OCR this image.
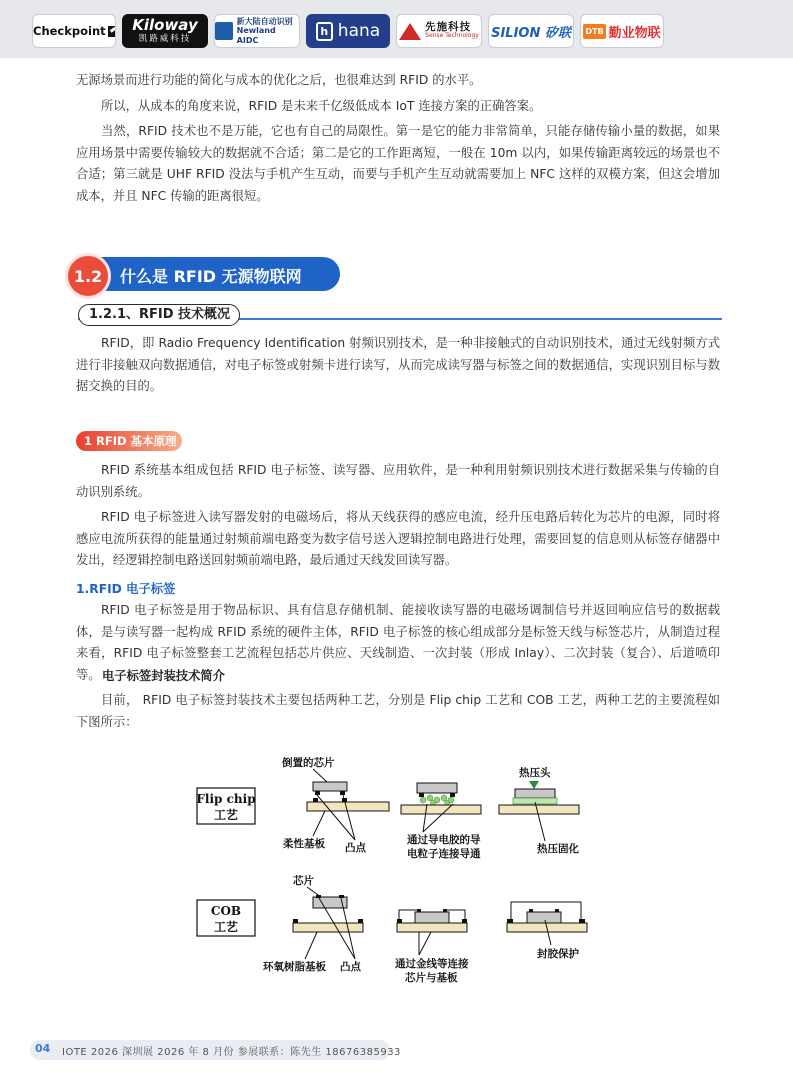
Checkpoint Kiloway
凯路威科技
新大陆自动识别
Newland AIDC
h hana	先施科技
Sense Technology SILION 矽联 DTB 勤业物联

无源场景而进行功能的简化与成本的优化之后，也很难达到 RFID 的水平。

所以，从成本的角度来说，RFID 是未来千亿级低成本 IoT 连接方案的正确答案。

当然，RFID 技术也不是万能，它也有自己的局限性。第一是它的能力非常简单，只能存储传输小量的数据，如果应用场景中需要传输较大的数据就不合适；第二是它的工作距离短，一般在 10m 以内，如果传输距离较远的场景也不合适；第三就是 UHF RFID 没法与手机产生互动，而要与手机产生互动就需要加上 NFC 这样的双模方案，但这会增加成本，并且 NFC 传输的距离很短。

1.2	什么是 RFID 无源物联网
1.2.1、RFID 技术概况

RFID，即 Radio Frequency Identification 射频识别技术，是一种非接触式的自动识别技术，通过无线射频方式进行非接触双向数据通信，对电子标签或射频卡进行读写，从而完成读写器与标签之间的数据通信，实现识别目标与数据交换的目的。

1 RFID 基本原理

RFID 系统基本组成包括 RFID 电子标签、读写器、应用软件，是一种利用射频识别技术进行数据采集与传输的自动识别系统。

RFID 电子标签进入读写器发射的电磁场后，将从天线获得的感应电流，经升压电路后转化为芯片的电源，同时将感应电流所获得的能量通过射频前端电路变为数字信号送入逻辑控制电路进行处理，需要回复的信息则从标签存储器中发出，经逻辑控制电路送回射频前端电路，最后通过天线发回读写器。

1.RFID 电子标签

RFID 电子标签是用于物品标识、具有信息存储机制、能接收读写器的电磁场调制信号并返回响应信号的数据载体，是与读写器一起构成 RFID 系统的硬件主体，RFID 电子标签的核心组成部分是标签天线与标签芯片，从制造过程来看，RFID 电子标签整套工艺流程包括芯片供应、天线制造、一次封装（形成 Inlay）、二次封装（复合）、后道喷印等。 电子标签封装技术简介

目前， RFID 电子标签封装技术主要包括两种工艺，分别是 Flip chip 工艺和 COB 工艺，两种工艺的主要流程如下图所示：

Flip chip
工艺
倒置的芯片
柔性基板 凸点
通过导电胶的导
电粒子连接导通
热压头
热压固化
COB
工艺
芯片
环氧树脂基板 凸点	通过金线等连接
芯片与基板
封胶保护
04 IOTE 2026 深圳展 2026 年 8 月份 参展联系：陈先生 18676385933
